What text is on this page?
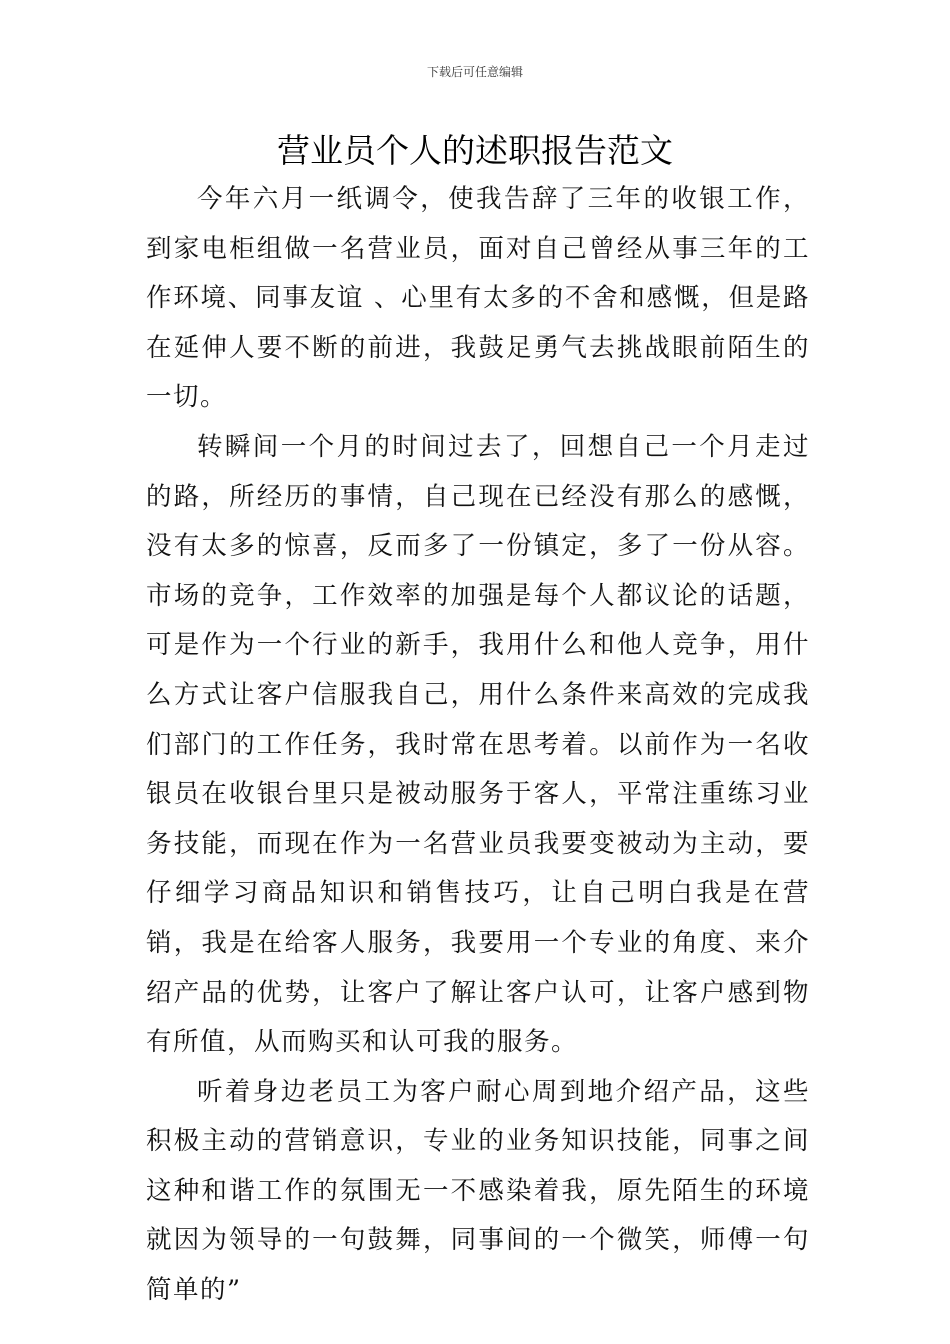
下载后可任意编辑
营业员个人的述职报告范文

今年六月一纸调令，使我告辞了三年的收银工作，到家电柜组做一名营业员，面对自己曾经从事三年的工作环境、同事友谊 、心里有太多的不舍和感慨，但是路在延伸人要不断的前进，我鼓足勇气去挑战眼前陌生的一切。

转瞬间一个月的时间过去了，回想自己一个月走过的路，所经历的事情，自己现在已经没有那么的感慨，没有太多的惊喜，反而多了一份镇定，多了一份从容。市场的竞争，工作效率的加强是每个人都议论的话题，可是作为一个行业的新手，我用什么和他人竞争，用什么方式让客户信服我自己，用什么条件来高效的完成我们部门的工作任务，我时常在思考着。以前作为一名收银员在收银台里只是被动服务于客人，平常注重练习业务技能，而现在作为一名营业员我要变被动为主动，要仔细学习商品知识和销售技巧，让自己明白我是在营销，我是在给客人服务，我要用一个专业的角度、来介绍产品的优势，让客户了解让客户认可，让客户感到物有所值，从而购买和认可我的服务。

听着身边老员工为客户耐心周到地介绍产品，这些积极主动的营销意识，专业的业务知识技能，同事之间这种和谐工作的氛围无一不感染着我，原先陌生的环境就因为领导的一句鼓舞，同事间的一个微笑，师傅一句简单的”
